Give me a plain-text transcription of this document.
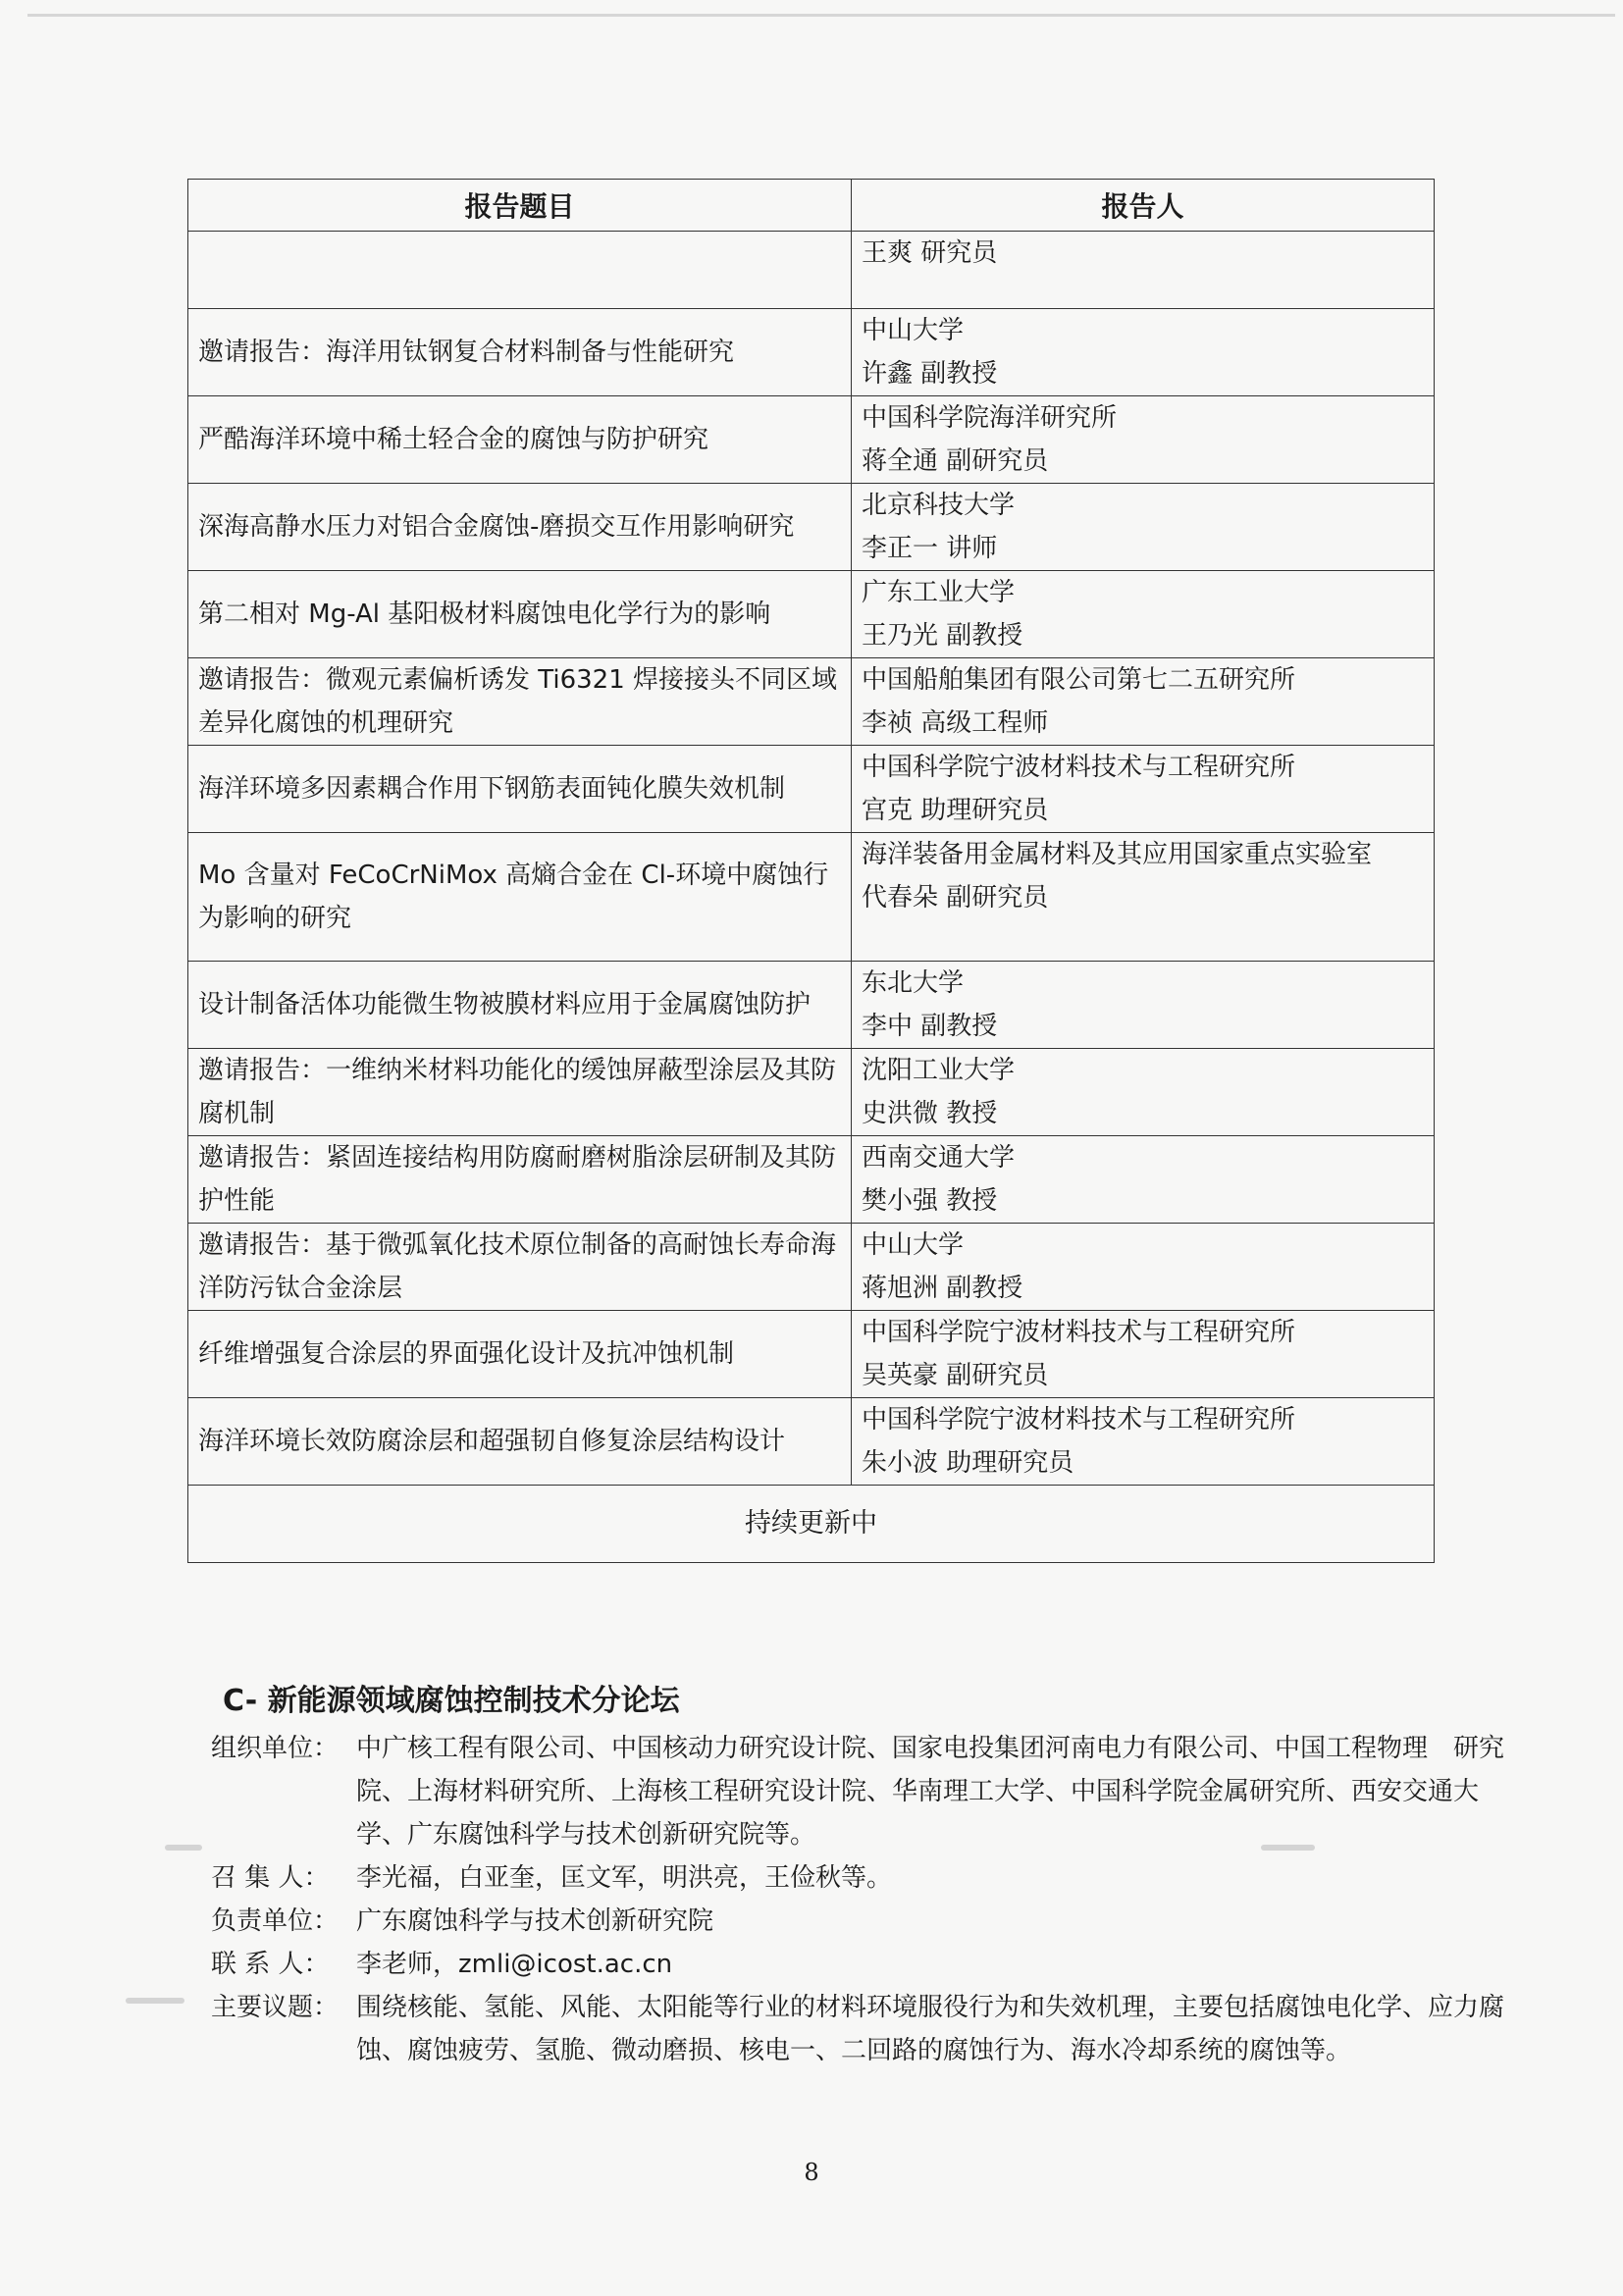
报告题目	报告人

	王爽 研究员

邀请报告：海洋用钛钢复合材料制备与性能研究	中山大学
许鑫 副教授

严酷海洋环境中稀土轻合金的腐蚀与防护研究	中国科学院海洋研究所
蒋全通 副研究员

深海高静水压力对铝合金腐蚀-磨损交互作用影响研究	北京科技大学
李正一 讲师

第二相对 Mg-Al 基阳极材料腐蚀电化学行为的影响	广东工业大学
王乃光 副教授

邀请报告：微观元素偏析诱发 Ti6321 焊接接头不同区域差异化腐蚀的机理研究	中国船舶集团有限公司第七二五研究所
李祯 高级工程师

海洋环境多因素耦合作用下钢筋表面钝化膜失效机制	中国科学院宁波材料技术与工程研究所
宫克 助理研究员

Mo 含量对 FeCoCrNiMox 高熵合金在 Cl-环境中腐蚀行为影响的研究	海洋装备用金属材料及其应用国家重点实验室
代春朵 副研究员

设计制备活体功能微生物被膜材料应用于金属腐蚀防护	东北大学
李中 副教授

邀请报告：一维纳米材料功能化的缓蚀屏蔽型涂层及其防腐机制	沈阳工业大学
史洪微 教授

邀请报告：紧固连接结构用防腐耐磨树脂涂层研制及其防护性能	西南交通大学
樊小强 教授

邀请报告：基于微弧氧化技术原位制备的高耐蚀长寿命海洋防污钛合金涂层	中山大学
蒋旭洲 副教授

纤维增强复合涂层的界面强化设计及抗冲蚀机制	中国科学院宁波材料技术与工程研究所
吴英豪 副研究员

海洋环境长效防腐涂层和超强韧自修复涂层结构设计	中国科学院宁波材料技术与工程研究所
朱小波 助理研究员

持续更新中	
C- 新能源领域腐蚀控制技术分论坛
组织单位： 中广核工程有限公司、中国核动力研究设计院、国家电投集团河南电力有限公司、中国工程物理　研究院、上海材料研究所、上海核工程研究设计院、华南理工大学、中国科学院金属研究所、西安交通大学、广东腐蚀科学与技术创新研究院等。
召 集 人：	李光福，白亚奎，匡文军，明洪亮，王俭秋等。
负责单位： 广东腐蚀科学与技术创新研究院
联 系 人：	李老师，zmli@icost.ac.cn
主要议题： 围绕核能、氢能、风能、太阳能等行业的材料环境服役行为和失效机理，主要包括腐蚀电化学、应力腐蚀、腐蚀疲劳、氢脆、微动磨损、核电一、二回路的腐蚀行为、海水冷却系统的腐蚀等。
8
